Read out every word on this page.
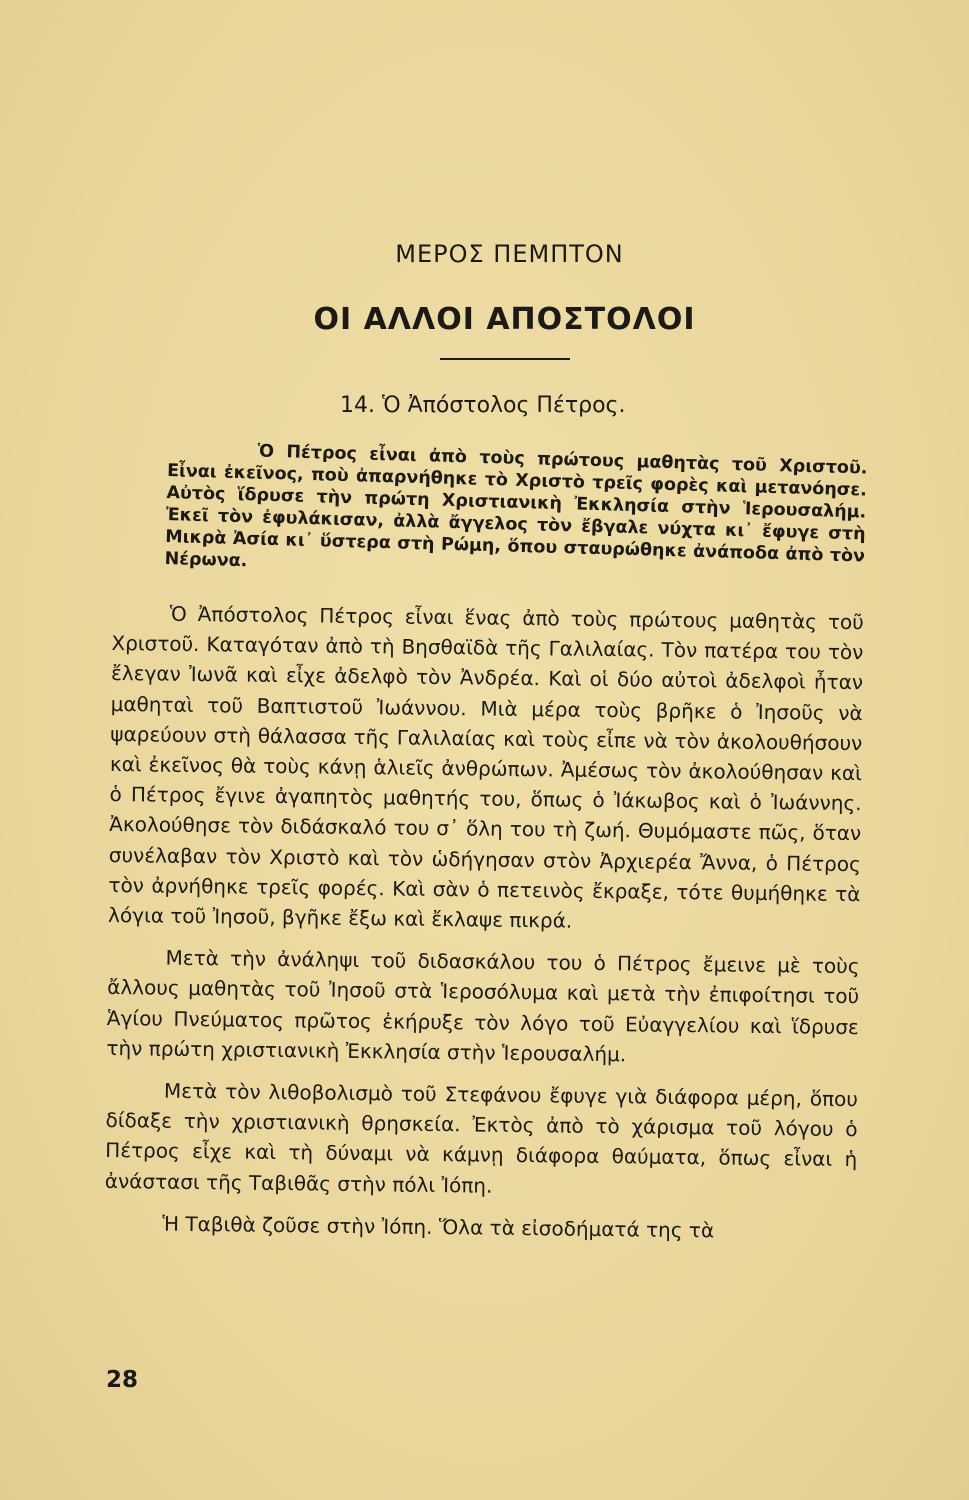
ΜΕΡΟΣ ΠΕΜΠΤΟΝ
ΟΙ ΑΛΛΟΙ ΑΠΟΣΤΟΛΟΙ
14. Ὁ Ἀπόστολος Πέτρος.

Ὁ Πέτρος εἶναι ἀπὸ τοὺς πρώτους μαθητὰς τοῦ Χριστοῦ. Εἶναι ἐκεῖνος, ποὺ ἀπαρνήθηκε τὸ Χριστὸ τρεῖς φορὲς καὶ μετανόησε. Αὐτὸς ἵδρυσε τὴν πρώτη Χριστιανικὴ Ἐκκλησία στὴν Ἱερουσαλήμ. Ἐκεῖ τὸν ἐφυλάκισαν, ἀλλὰ ἄγγελος τὸν ἔβγαλε νύχτα κι᾽ ἔφυγε στὴ Μικρὰ Ἀσία κι᾽ ὕστερα στὴ Ρώμη, ὅπου σταυρώθηκε ἀνάποδα ἀπὸ τὸν Νέρωνα.

Ὁ Ἀπόστολος Πέτρος εἶναι ἕνας ἀπὸ τοὺς πρώτους μαθητὰς τοῦ Χριστοῦ. Καταγόταν ἀπὸ τὴ Βησθαϊδὰ τῆς Γαλιλαίας. Τὸν πατέρα του τὸν ἔλεγαν Ἰωνᾶ καὶ εἶχε ἀδελφὸ τὸν Ἀνδρέα. Καὶ οἱ δύο αὐτοὶ ἀδελφοὶ ἦταν μαθηταὶ τοῦ Βαπτιστοῦ Ἰωάννου. Μιὰ μέρα τοὺς βρῆκε ὁ Ἰησοῦς νὰ ψαρεύουν στὴ θάλασσα τῆς Γαλιλαίας καὶ τοὺς εἶπε νὰ τὸν ἀκολουθήσουν καὶ ἐκεῖνος θὰ τοὺς κάνῃ ἁλιεῖς ἀνθρώπων. Ἀμέσως τὸν ἀκολούθησαν καὶ ὁ Πέτρος ἔγινε ἀγαπητὸς μαθητής του, ὅπως ὁ Ἰάκωβος καὶ ὁ Ἰωάννης. Ἀκολούθησε τὸν διδάσκαλό του σ᾽ ὅλη του τὴ ζωή. Θυμόμαστε πῶς, ὅταν συνέλαβαν τὸν Χριστὸ καὶ τὸν ὡδήγησαν στὸν Ἀρχιερέα Ἄννα, ὁ Πέτρος τὸν ἀρνήθηκε τρεῖς φορές. Καὶ σὰν ὁ πετεινὸς ἔκραξε, τότε θυμήθηκε τὰ λόγια τοῦ Ἰησοῦ, βγῆκε ἔξω καὶ ἔκλαψε πικρά.

Μετὰ τὴν ἀνάληψι τοῦ διδασκάλου του ὁ Πέτρος ἔμεινε μὲ τοὺς ἄλλους μαθητὰς τοῦ Ἰησοῦ στὰ Ἱεροσόλυμα καὶ μετὰ τὴν ἐπιφοίτησι τοῦ Ἁγίου Πνεύματος πρῶτος ἐκήρυξε τὸν λόγο τοῦ Εὐαγγελίου καὶ ἵδρυσε τὴν πρώτη χριστιανικὴ Ἐκκλησία στὴν Ἱερουσαλήμ.

Μετὰ τὸν λιθοβολισμὸ τοῦ Στεφάνου ἔφυγε γιὰ διάφορα μέρη, ὅπου δίδαξε τὴν χριστιανικὴ θρησκεία. Ἐκτὸς ἀπὸ τὸ χάρισμα τοῦ λόγου ὁ Πέτρος εἶχε καὶ τὴ δύναμι νὰ κάμνῃ διάφορα θαύματα, ὅπως εἶναι ἡ ἀνάστασι τῆς Ταβιθᾶς στὴν πόλι Ἰόπη.

Ἡ Ταβιθὰ ζοῦσε στὴν Ἰόπη. Ὅλα τὰ εἰσοδήματά της τὰ

28
